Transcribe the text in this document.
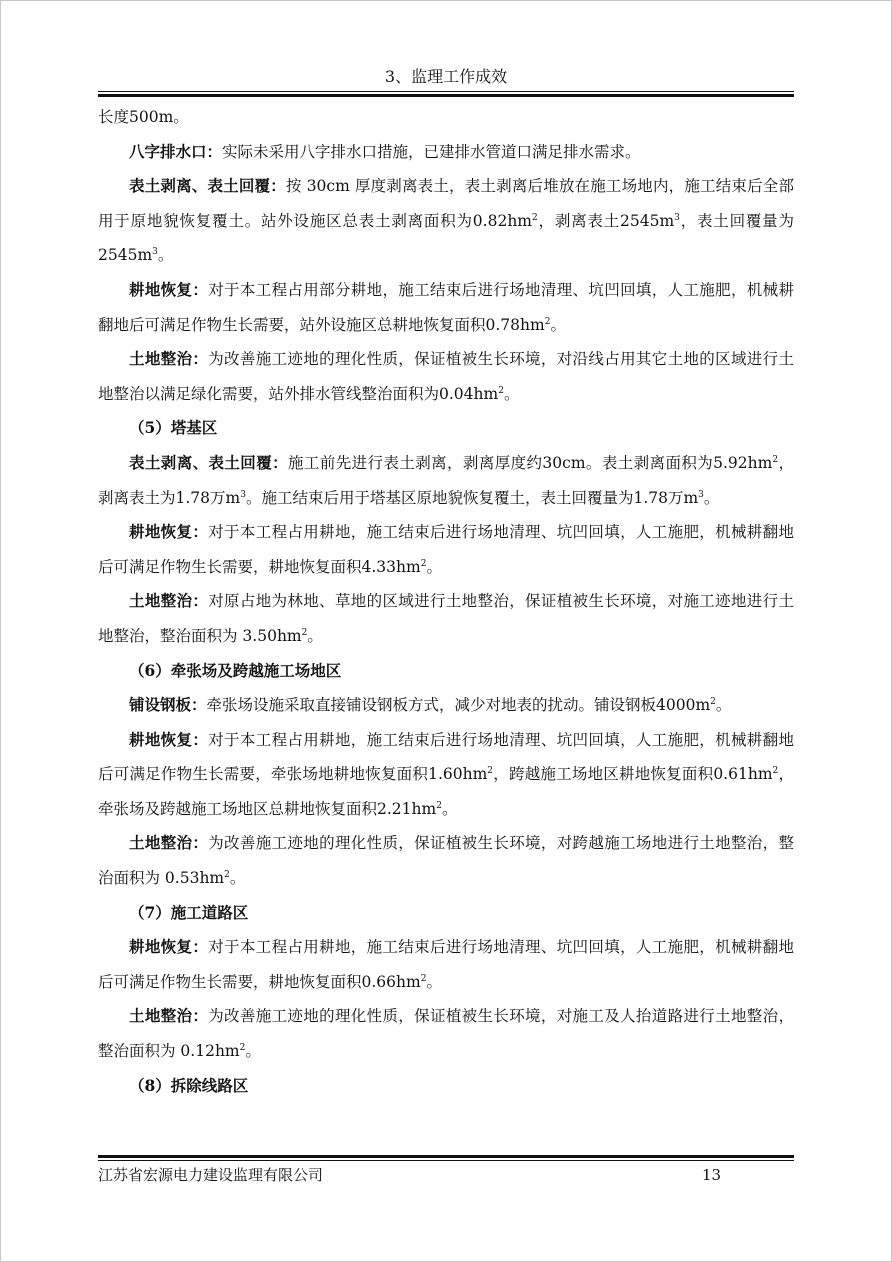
3、监理工作成效

长度500m。

八字排水口：实际未采用八字排水口措施，已建排水管道口满足排水需求。

表土剥离、表土回覆：按 30cm 厚度剥离表土，表土剥离后堆放在施工场地内，施工结束后全部用于原地貌恢复覆土。站外设施区总表土剥离面积为$0.82hm^2$，剥离表土$2545m^3$，表土回覆量为$2545m^3$。

耕地恢复：对于本工程占用部分耕地，施工结束后进行场地清理、坑凹回填，人工施肥，机械耕翻地后可满足作物生长需要，站外设施区总耕地恢复面积$0.78hm^2$。

土地整治：为改善施工迹地的理化性质，保证植被生长环境，对沿线占用其它土地的区域进行土地整治以满足绿化需要，站外排水管线整治面积为$0.04hm^2$。

（5）塔基区

表土剥离、表土回覆：施工前先进行表土剥离，剥离厚度约30cm。表土剥离面积为$5.92hm^2$，剥离表土为1.78万$m^3$。施工结束后用于塔基区原地貌恢复覆土，表土回覆量为1.78万$m^3$。

耕地恢复：对于本工程占用耕地，施工结束后进行场地清理、坑凹回填，人工施肥，机械耕翻地后可满足作物生长需要，耕地恢复面积$4.33hm^2$。

土地整治：对原占地为林地、草地的区域进行土地整治，保证植被生长环境，对施工迹地进行土地整治，整治面积为 $3.50hm^2$。

（6）牵张场及跨越施工场地区

铺设钢板：牵张场设施采取直接铺设钢板方式，减少对地表的扰动。铺设钢板$4000m^2$。

耕地恢复：对于本工程占用耕地，施工结束后进行场地清理、坑凹回填，人工施肥，机械耕翻地后可满足作物生长需要，牵张场地耕地恢复面积$1.60hm^2$，跨越施工场地区耕地恢复面积$0.61hm^2$，牵张场及跨越施工场地区总耕地恢复面积$2.21hm^2$。

土地整治：为改善施工迹地的理化性质，保证植被生长环境，对跨越施工场地进行土地整治，整治面积为 $0.53hm^2$。

（7）施工道路区

耕地恢复：对于本工程占用耕地，施工结束后进行场地清理、坑凹回填，人工施肥，机械耕翻地后可满足作物生长需要，耕地恢复面积$0.66hm^2$。

土地整治：为改善施工迹地的理化性质，保证植被生长环境，对施工及人抬道路进行土地整治，整治面积为 $0.12hm^2$。

（8）拆除线路区
江苏省宏源电力建设监理有限公司	13
